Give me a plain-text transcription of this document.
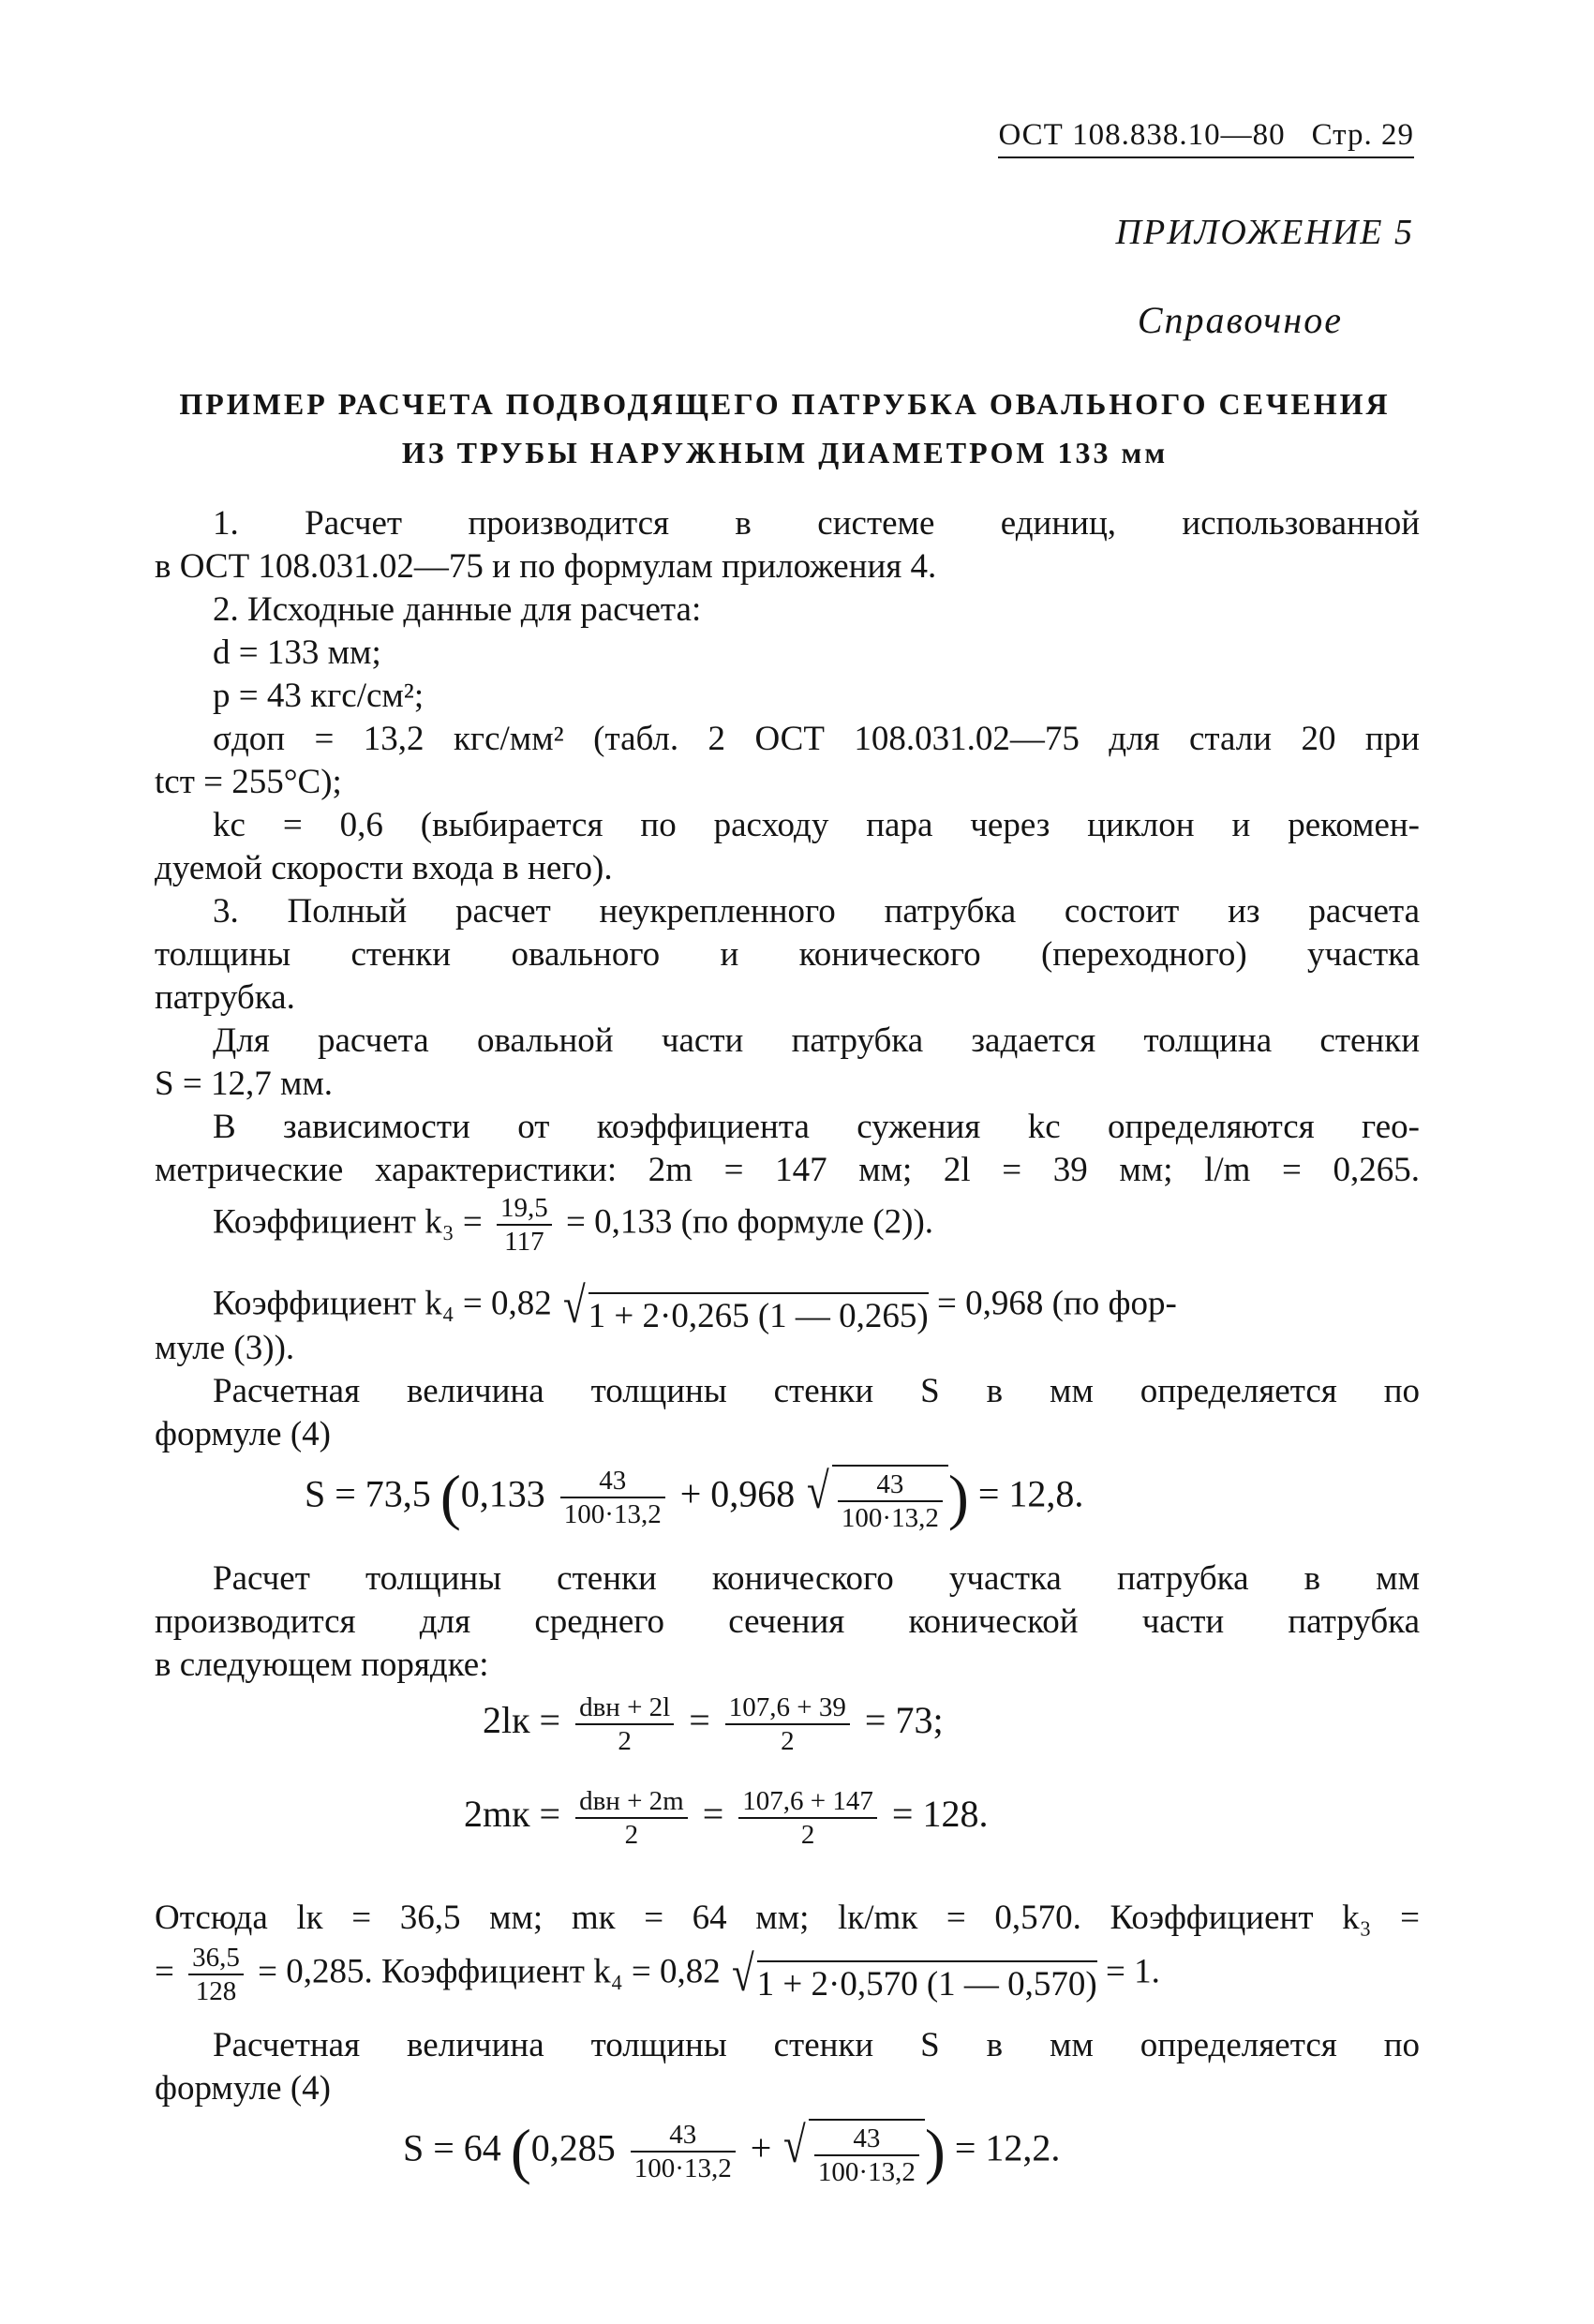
ОСТ 108.838.10—80 Стр. 29
ПРИЛОЖЕНИЕ 5
Справочное
ПРИМЕР РАСЧЕТА ПОДВОДЯЩЕГО ПАТРУБКА ОВАЛЬНОГО СЕЧЕНИЯ
ИЗ ТРУБЫ НАРУЖНЫМ ДИАМЕТРОМ 133 мм
1. Расчет производится в системе единиц, использованной
в ОСТ 108.031.02—75 и по формулам приложения 4.
2. Исходные данные для расчета:
d = 133 мм;
p = 43 кгс/см²;
σдоп = 13,2 кгс/мм² (табл. 2 ОСТ 108.031.02—75 для стали 20 при
tст = 255°C);
kс = 0,6 (выбирается по расходу пара через циклон и рекомен-
дуемой скорости входа в него).
3. Полный расчет неукрепленного патрубка состоит из расчета
толщины стенки овального и конического (переходного) участка
патрубка.
Для расчета овальной части патрубка задается толщина стенки
S = 12,7 мм.
В зависимости от коэффициента сужения kс определяются гео-
метрические характеристики: 2m = 147 мм; 2l = 39 мм; l/m = 0,265.
Коэффициент $k_3 = \frac{19,5}{117} = 0,133$ (по формуле (2)).
Коэффициент k₄ = 0,82 √1 + 2·0,265 (1 — 0,265) = 0,968 (по фор-
муле (3)).
Расчетная величина толщины стенки S в мм определяется по
формуле (4)
S = 73,5 ($0,133 \frac{43}{100\cdot 13,2} + 0,968$ √ $\frac{43}{100\cdot 13,2}$ ) = 12,8.
Расчет толщины стенки конического участка патрубка в мм
производится для среднего сечения конической части патрубка
в следующем порядке:
$2lк = \frac{\text{dвн + 2l}}{2} = \frac{107,6 + 39}{2} = 73$;
$2mк = \frac{\text{dвн + 2m}}{2} = \frac{107,6 + 147}{2} = 128$.
Отсюда lк = 36,5 мм; mк = 64 мм; lк/mк = 0,570. Коэффициент k₃ =
= $\frac{36,5}{128} = 0,285$. Коэффициент k₄ = 0,82 √1 + 2·0,570 (1 — 0,570) = 1.
Расчетная величина толщины стенки S в мм определяется по
формуле (4)
S = 64 ($0,285 \frac{43}{100\cdot 13,2}$ + √ $\frac{43}{100\cdot 13,2}$ ) = 12,2.
